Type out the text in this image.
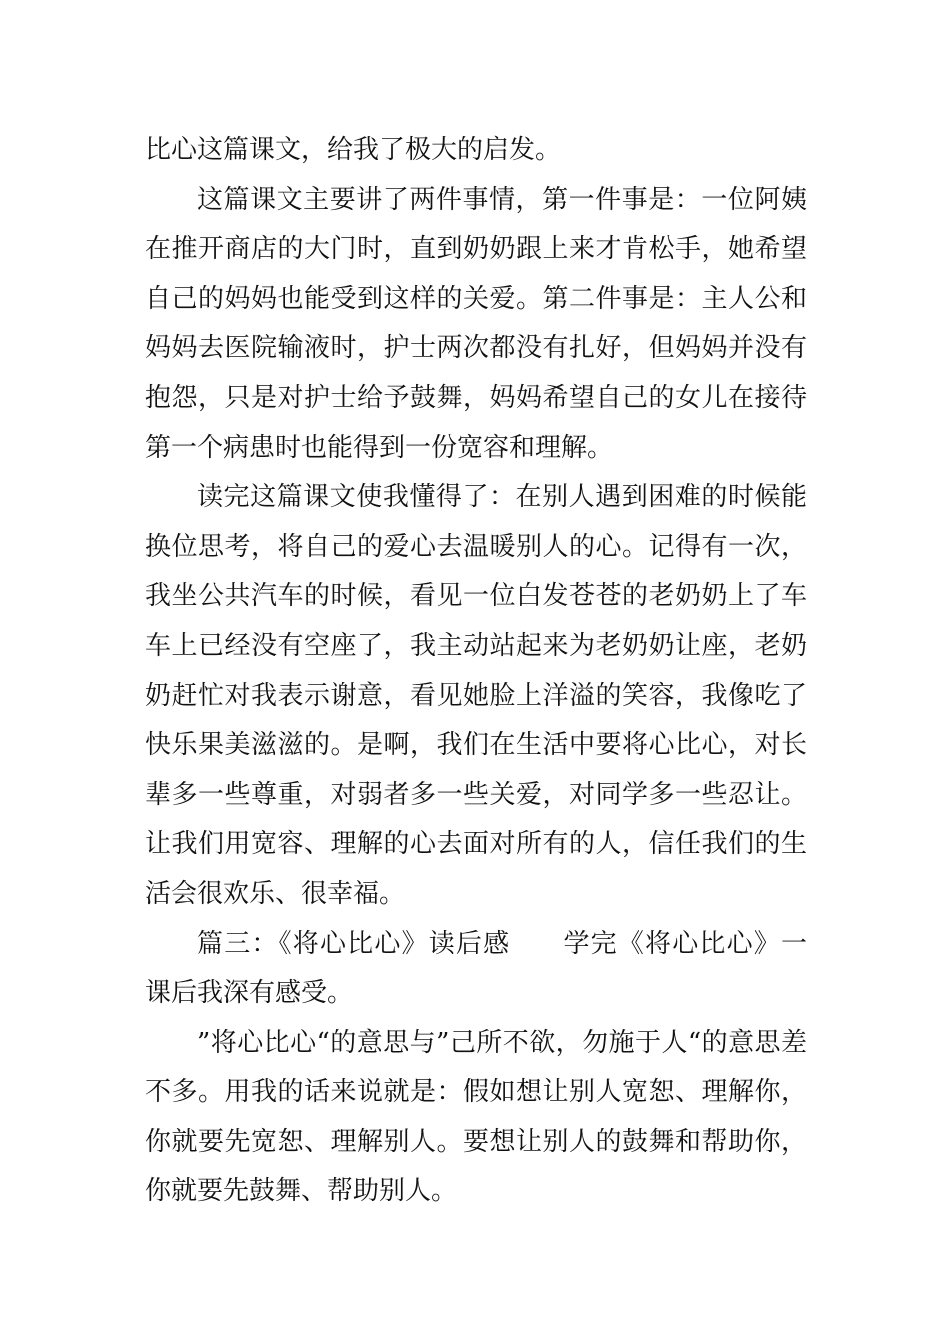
比心这篇课文，给我了极大的启发。

这篇课文主要讲了两件事情，第一件事是：一位阿姨在推开商店的大门时，直到奶奶跟上来才肯松手，她希望自己的妈妈也能受到这样的关爱。第二件事是：主人公和妈妈去医院输液时，护士两次都没有扎好，但妈妈并没有抱怨，只是对护士给予鼓舞，妈妈希望自己的女儿在接待第一个病患时也能得到一份宽容和理解。

读完这篇课文使我懂得了：在别人遇到困难的时候能换位思考，将自己的爱心去温暖别人的心。记得有一次，我坐公共汽车的时候，看见一位白发苍苍的老奶奶上了车车上已经没有空座了，我主动站起来为老奶奶让座，老奶奶赶忙对我表示谢意，看见她脸上洋溢的笑容，我像吃了快乐果美滋滋的。是啊，我们在生活中要将心比心，对长辈多一些尊重，对弱者多一些关爱，对同学多一些忍让。让我们用宽容、理解的心去面对所有的人，信任我们的生活会很欢乐、很幸福。

篇三：《将心比心》读后感 学完《将心比心》一课后我深有感受。

”将心比心“的意思与”己所不欲，勿施于人“的意思差不多。用我的话来说就是：假如想让别人宽恕、理解你，你就要先宽恕、理解别人。要想让别人的鼓舞和帮助你，你就要先鼓舞、帮助别人。
